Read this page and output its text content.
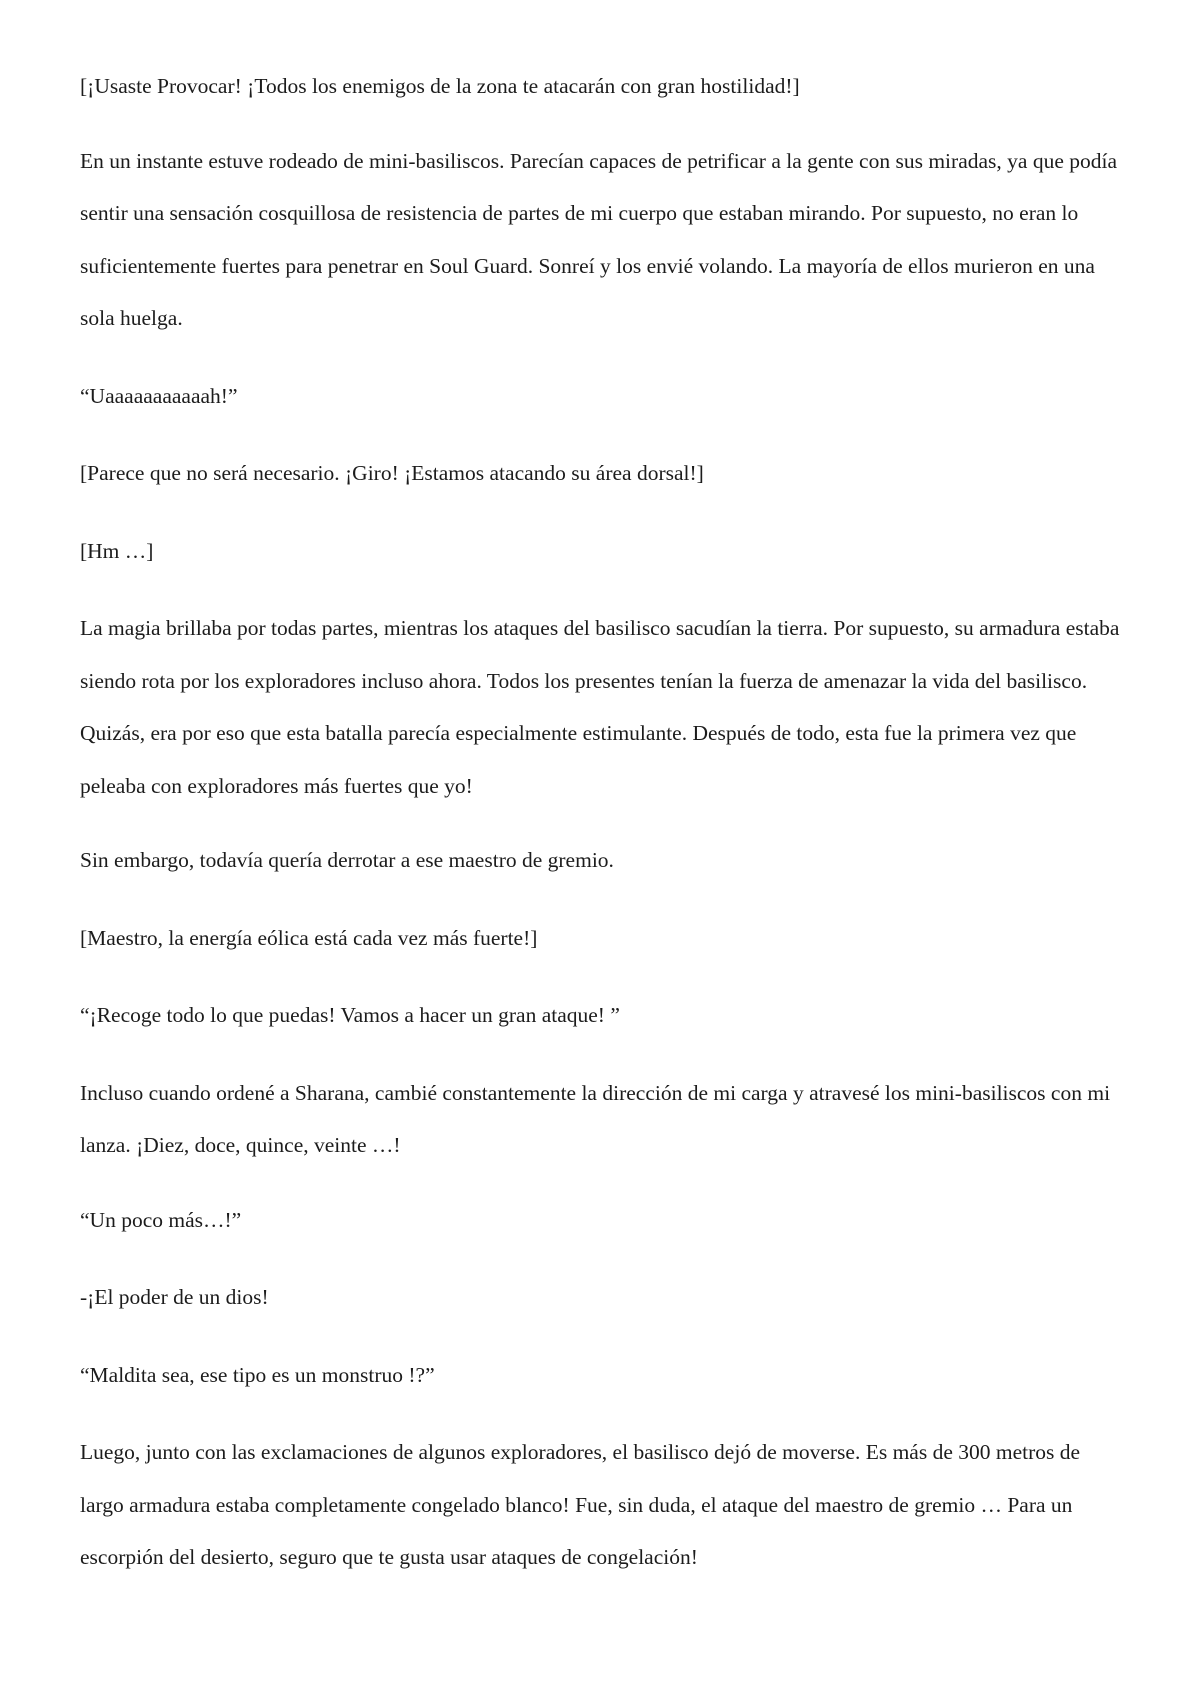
[¡Usaste Provocar! ¡Todos los enemigos de la zona te atacarán con gran hostilidad!]

En un instante estuve rodeado de mini-basiliscos. Parecían capaces de petrificar a la gente con sus miradas, ya que podía sentir una sensación cosquillosa de resistencia de partes de mi cuerpo que estaban mirando. Por supuesto, no eran lo suficientemente fuertes para penetrar en Soul Guard. Sonreí y los envié volando. La mayoría de ellos murieron en una sola huelga.

“Uaaaaaaaaaaah!”

[Parece que no será necesario. ¡Giro! ¡Estamos atacando su área dorsal!]

[Hm …]

La magia brillaba por todas partes, mientras los ataques del basilisco sacudían la tierra. Por supuesto, su armadura estaba siendo rota por los exploradores incluso ahora. Todos los presentes tenían la fuerza de amenazar la vida del basilisco. Quizás, era por eso que esta batalla parecía especialmente estimulante. Después de todo, esta fue la primera vez que peleaba con exploradores más fuertes que yo!

Sin embargo, todavía quería derrotar a ese maestro de gremio.

[Maestro, la energía eólica está cada vez más fuerte!]

“¡Recoge todo lo que puedas! Vamos a hacer un gran ataque! ”

Incluso cuando ordené a Sharana, cambié constantemente la dirección de mi carga y atravesé los mini-basiliscos con mi lanza. ¡Diez, doce, quince, veinte …!

“Un poco más…!”

-¡El poder de un dios!

“Maldita sea, ese tipo es un monstruo !?”

Luego, junto con las exclamaciones de algunos exploradores, el basilisco dejó de moverse. Es más de 300 metros de largo armadura estaba completamente congelado blanco! Fue, sin duda, el ataque del maestro de gremio … Para un escorpión del desierto, seguro que te gusta usar ataques de congelación!
